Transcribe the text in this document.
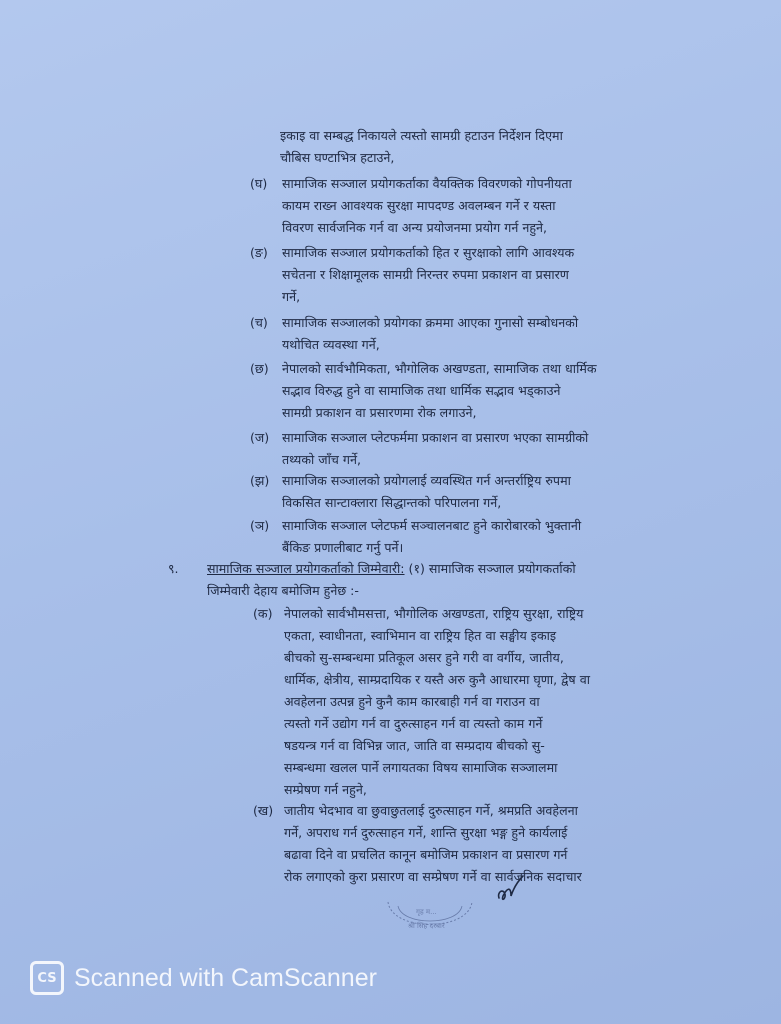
इकाइ वा सम्बद्ध निकायले त्यस्तो सामग्री हटाउन निर्देशन दिएमा
चौबिस घण्टाभित्र हटाउने,
(घ) सामाजिक सञ्जाल प्रयोगकर्ताका वैयक्तिक विवरणको गोपनीयता
कायम राख्न आवश्यक सुरक्षा मापदण्ड अवलम्बन गर्ने र यस्ता
विवरण सार्वजनिक गर्न वा अन्य प्रयोजनमा प्रयोग गर्न नहुने,
(ङ) सामाजिक सञ्जाल प्रयोगकर्ताको हित र सुरक्षाको लागि आवश्यक
सचेतना र शिक्षामूलक सामग्री निरन्तर रुपमा प्रकाशन वा प्रसारण
गर्ने,
(च) सामाजिक सञ्जालको प्रयोगका क्रममा आएका गुनासो सम्बोधनको
यथोचित व्यवस्था गर्ने,
(छ) नेपालको सार्वभौमिकता, भौगोलिक अखण्डता, सामाजिक तथा धार्मिक
सद्भाव विरुद्ध हुने वा सामाजिक तथा धार्मिक सद्भाव भड्काउने
सामग्री प्रकाशन वा प्रसारणमा रोक लगाउने,
(ज) सामाजिक सञ्जाल प्लेटफर्ममा प्रकाशन वा प्रसारण भएका सामग्रीको
तथ्यको जाँच गर्ने,
(झ) सामाजिक सञ्जालको प्रयोगलाई व्यवस्थित गर्न अन्तर्राष्ट्रिय रुपमा
विकसित सान्टाक्लारा सिद्धान्तको परिपालना गर्ने,
(ञ) सामाजिक सञ्जाल प्लेटफर्म सञ्चालनबाट हुने कारोबारको भुक्तानी
बैंकिङ प्रणालीबाट गर्नु पर्ने।
९. सामाजिक सञ्जाल प्रयोगकर्ताको जिम्मेवारी: (१) सामाजिक सञ्जाल प्रयोगकर्ताको
जिम्मेवारी देहाय बमोजिम हुनेछ :-
(क) नेपालको सार्वभौमसत्ता, भौगोलिक अखण्डता, राष्ट्रिय सुरक्षा, राष्ट्रिय
एकता, स्वाधीनता, स्वाभिमान वा राष्ट्रिय हित वा सङ्घीय इकाइ
बीचको सु-सम्बन्धमा प्रतिकूल असर हुने गरी वा वर्गीय, जातीय,
धार्मिक, क्षेत्रीय, साम्प्रदायिक र यस्तै अरु कुनै आधारमा घृणा, द्वेष वा
अवहेलना उत्पन्न हुने कुनै काम कारबाही गर्न वा गराउन वा
त्यस्तो गर्ने उद्योग गर्न वा दुरुत्साहन गर्न वा त्यस्तो काम गर्ने
षडयन्त्र गर्न वा विभिन्न जात, जाति वा सम्प्रदाय बीचको सु-
सम्बन्धमा खलल पार्ने लगायतका विषय सामाजिक सञ्जालमा
सम्प्रेषण गर्न नहुने,
(ख) जातीय भेदभाव वा छुवाछुतलाई दुरुत्साहन गर्ने, श्रमप्रति अवहेलना
गर्ने, अपराध गर्न दुरुत्साहन गर्ने, शान्ति सुरक्षा भङ्ग हुने कार्यलाई
बढावा दिने वा प्रचलित कानून बमोजिम प्रकाशन वा प्रसारण गर्न
रोक लगाएको कुरा प्रसारण वा सम्प्रेषण गर्ने वा सार्वजनिक सदाचार
गृह म...
श्री सिंह दरबार
CS Scanned with CamScanner
